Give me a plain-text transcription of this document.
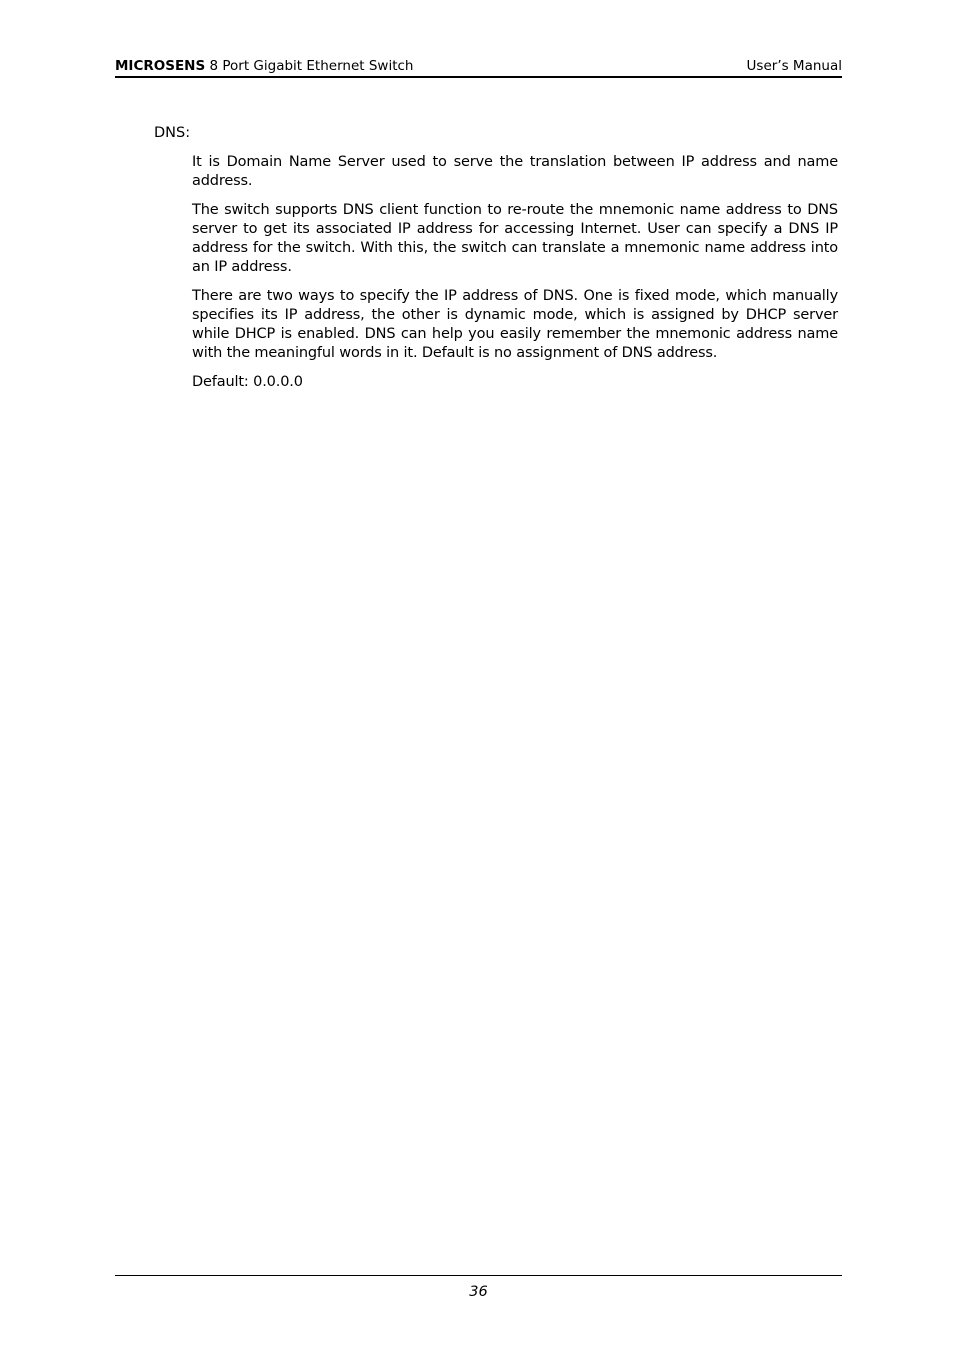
MICROSENS 8 Port Gigabit Ethernet Switch	User’s Manual
DNS:

It is Domain Name Server used to serve the translation between IP address and name address.

The switch supports DNS client function to re-route the mnemonic name address to DNS server to get its associated IP address for accessing Internet. User can specify a DNS IP address for the switch. With this, the switch can translate a mnemonic name address into an IP address.

There are two ways to specify the IP address of DNS. One is fixed mode, which manually specifies its IP address, the other is dynamic mode, which is assigned by DHCP server while DHCP is enabled. DNS can help you easily remember the mnemonic address name with the meaningful words in it. Default is no assignment of DNS address.

Default: 0.0.0.0

36
